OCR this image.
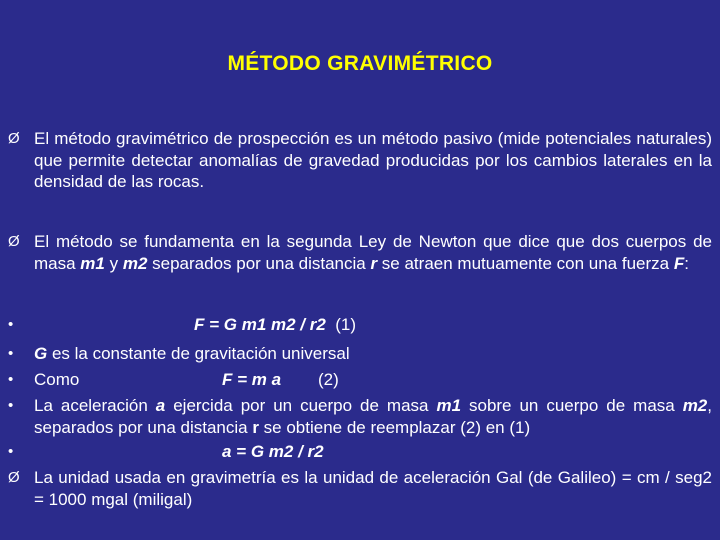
MÉTODO GRAVIMÉTRICO
Ø El método gravimétrico de prospección es un método pasivo (mide potenciales naturales) que permite detectar anomalías de gravedad producidas por los cambios laterales en la densidad de las rocas.
Ø El método se fundamenta en la segunda Ley de Newton que dice que dos cuerpos de masa m1 y m2 separados por una distancia r se atraen mutuamente con una fuerza F:
•	F = G m1 m2 / r2 (1)
•	G es la constante de gravitación universal
•	Como	F = m a (2)
•	La aceleración a ejercida por un cuerpo de masa m1 sobre un cuerpo de masa m2, separados por una distancia r se obtiene de reemplazar (2) en (1)
•	a = G m2 / r2
Ø La unidad usada en gravimetría es la unidad de aceleración Gal (de Galileo) = cm / seg2 = 1000 mgal (miligal)
